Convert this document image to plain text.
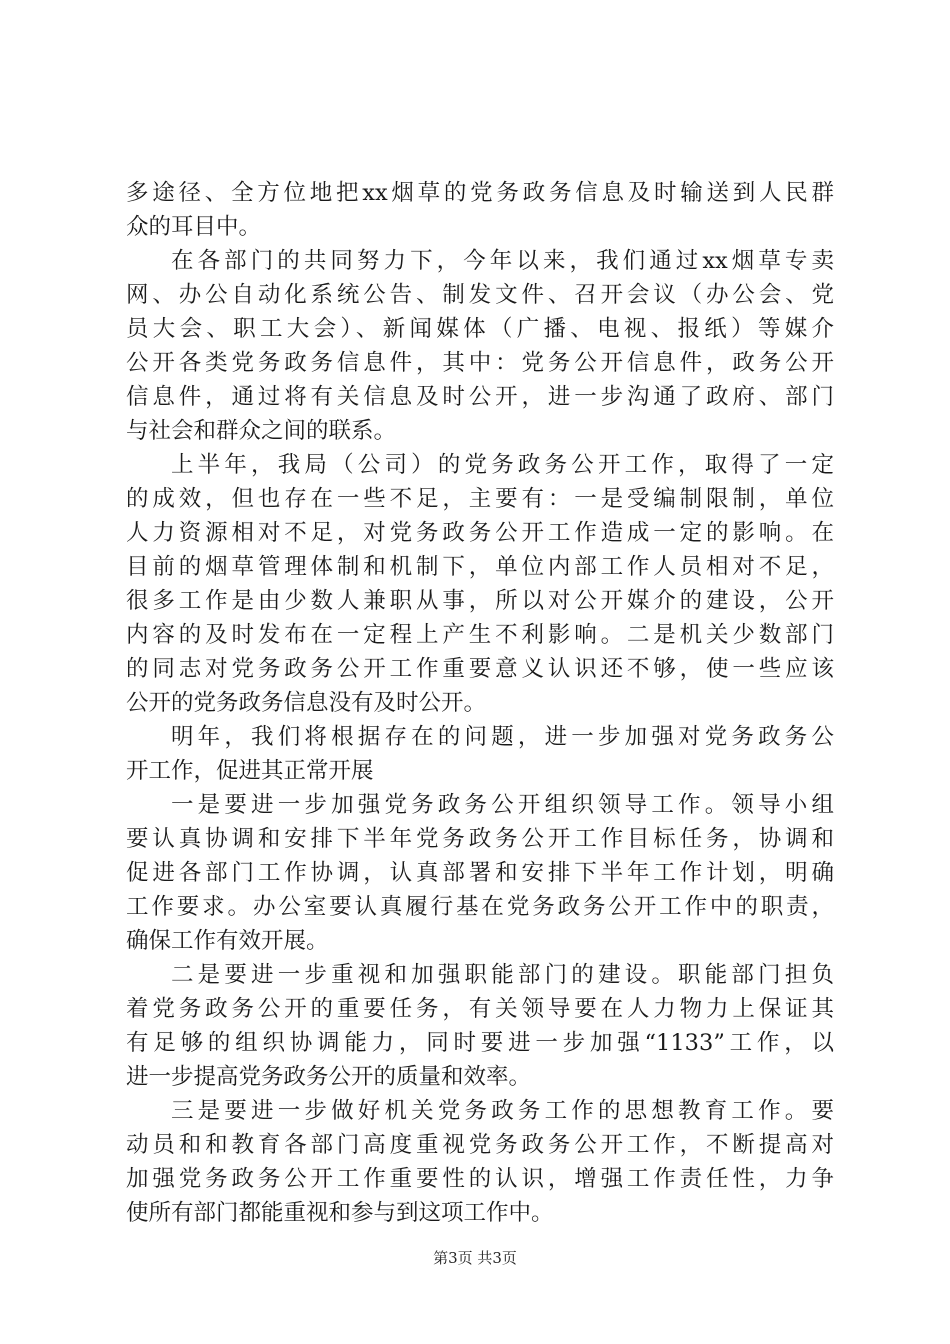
多途径、全方位地把xx烟草的党务政务信息及时输送到人民群
众的耳目中。
在各部门的共同努力下，今年以来，我们通过xx烟草专卖
网、办公自动化系统公告、制发文件、召开会议（办公会、党
员大会、职工大会）、新闻媒体（广播、电视、报纸）等媒介
公开各类党务政务信息件，其中：党务公开信息件，政务公开
信息件，通过将有关信息及时公开，进一步沟通了政府、部门
与社会和群众之间的联系。
上半年，我局（公司）的党务政务公开工作，取得了一定
的成效，但也存在一些不足，主要有：一是受编制限制，单位
人力资源相对不足，对党务政务公开工作造成一定的影响。在
目前的烟草管理体制和机制下，单位内部工作人员相对不足，
很多工作是由少数人兼职从事，所以对公开媒介的建设，公开
内容的及时发布在一定程上产生不利影响。二是机关少数部门
的同志对党务政务公开工作重要意义认识还不够，使一些应该
公开的党务政务信息没有及时公开。
明年，我们将根据存在的问题，进一步加强对党务政务公
开工作，促进其正常开展
一是要进一步加强党务政务公开组织领导工作。领导小组
要认真协调和安排下半年党务政务公开工作目标任务，协调和
促进各部门工作协调，认真部署和安排下半年工作计划，明确
工作要求。办公室要认真履行基在党务政务公开工作中的职责，
确保工作有效开展。
二是要进一步重视和加强职能部门的建设。职能部门担负
着党务政务公开的重要任务，有关领导要在人力物力上保证其
有足够的组织协调能力，同时要进一步加强“1133”工作，以
进一步提高党务政务公开的质量和效率。
三是要进一步做好机关党务政务工作的思想教育工作。要
动员和和教育各部门高度重视党务政务公开工作，不断提高对
加强党务政务公开工作重要性的认识，增强工作责任性，力争
使所有部门都能重视和参与到这项工作中。
第3页 共3页
